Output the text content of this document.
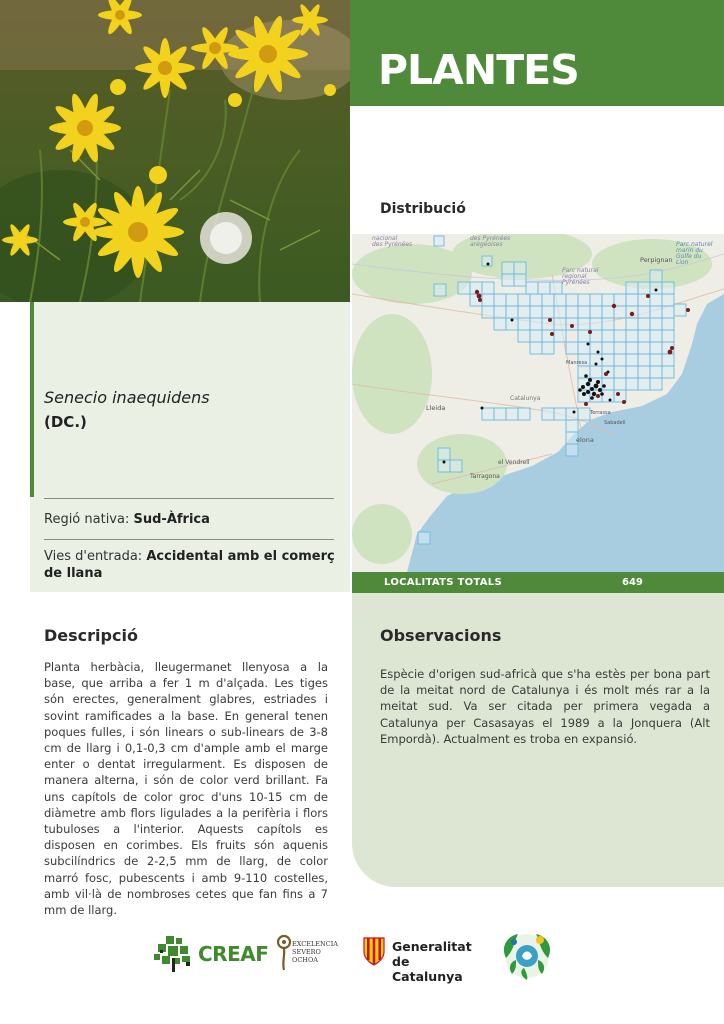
PLANTES
Senecio inaequidens
(DC.)
Regió nativa: Sud-Àfrica
Vies d'entrada: Accidental amb el comerç de llana
Distribució
nacional des Pyrénées
des Pyrénées arégeoises
Parc natural regional Pyrénées
Parc naturel marin du Golfe du Lion
Perpignan
Catalunya
Lleida
elona
el Vendrell
Tarragona
Manresa
Terrassa
Sabadell
LOCALITATS TOTALS	649
Descripció
Planta herbàcia, lleugermanet llenyosa a la base, que arriba a fer 1 m d'alçada. Les tiges són erectes, generalment glabres, estriades i sovint ramificades a la base. En general tenen poques fulles, i són linears o sub-linears de 3-8 cm de llarg i 0,1-0,3 cm d'ample amb el marge enter o dentat irregularment. Es disposen de manera alterna, i són de color verd brillant. Fa uns capítols de color groc d'uns 10-15 cm de diàmetre amb flors ligulades a la perifèria i flors tubuloses a l'interior. Aquests capítols es disposen en corimbes. Els fruits són aquenis subcilíndrics de 2-2,5 mm de llarg, de color marró fosc, pubescents i amb 9-110 costelles, amb vil·là de nombroses cetes que fan fins a 7 mm de llarg.
Observacions
Espècie d'origen sud-africà que s'ha estès per bona part de la meitat nord de Catalunya i és molt més rar a la meitat sud. Va ser citada per primera vegada a Catalunya per Casasayas el 1989 a la Jonquera (Alt Empordà). Actualment es troba en expansió.
CREAF	EXCELENCIA
SEVERO
OCHOA
Generalitat
de Catalunya
